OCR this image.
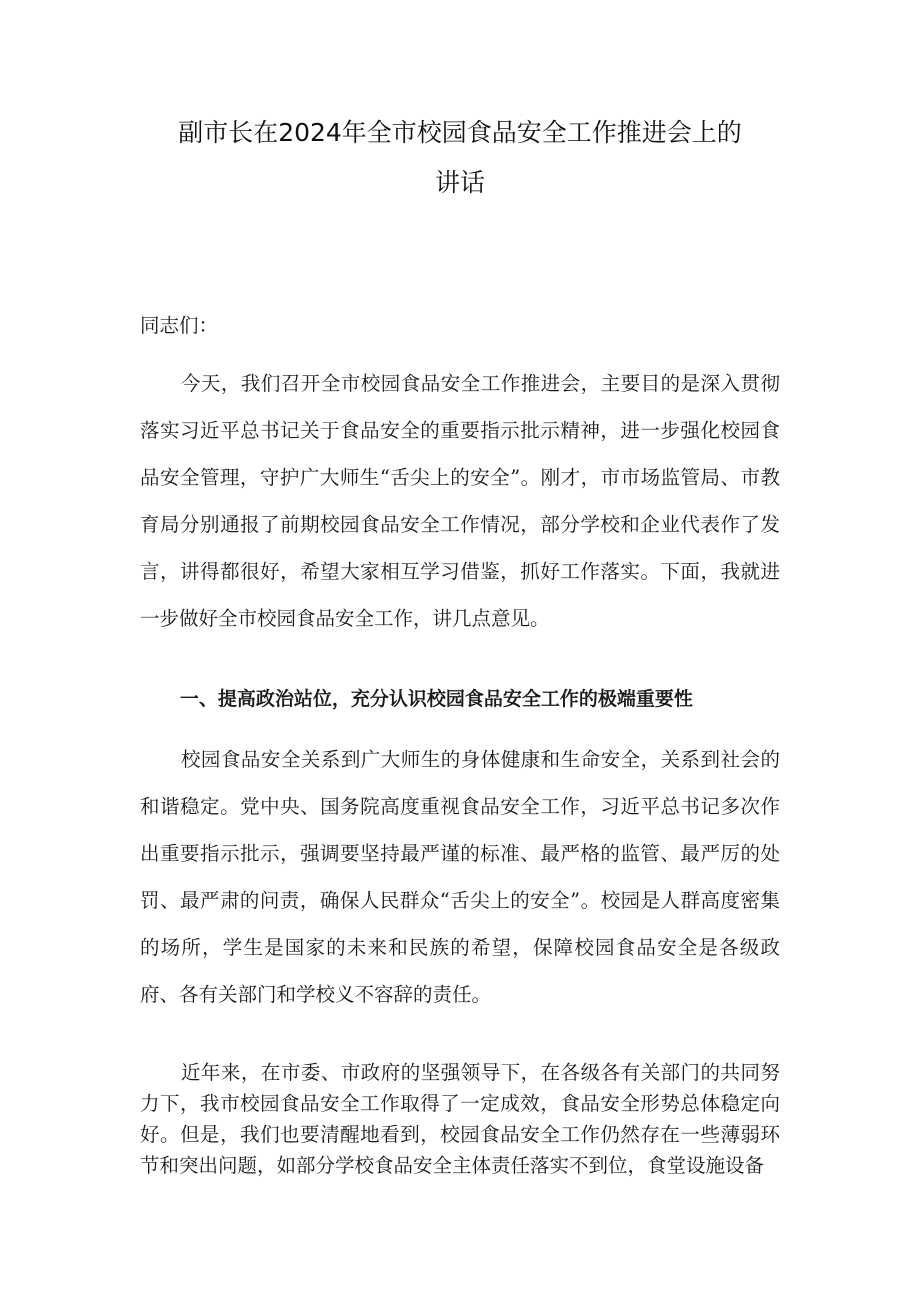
副市长在2024年全市校园食品安全工作推进会上的
讲话

同志们：

今天，我们召开全市校园食品安全工作推进会，主要目的是深入贯彻落实习近平总书记关于食品安全的重要指示批示精神，进一步强化校园食品安全管理，守护广大师生“舌尖上的安全”。刚才，市市场监管局、市教育局分别通报了前期校园食品安全工作情况，部分学校和企业代表作了发言，讲得都很好，希望大家相互学习借鉴，抓好工作落实。下面，我就进一步做好全市校园食品安全工作，讲几点意见。

一、提高政治站位，充分认识校园食品安全工作的极端重要性

校园食品安全关系到广大师生的身体健康和生命安全，关系到社会的和谐稳定。党中央、国务院高度重视食品安全工作，习近平总书记多次作出重要指示批示，强调要坚持最严谨的标准、最严格的监管、最严厉的处罚、最严肃的问责，确保人民群众“舌尖上的安全”。校园是人群高度密集的场所，学生是国家的未来和民族的希望，保障校园食品安全是各级政府、各有关部门和学校义不容辞的责任。

近年来，在市委、市政府的坚强领导下，在各级各有关部门的共同努力下，我市校园食品安全工作取得了一定成效，食品安全形势总体稳定向好。但是，我们也要清醒地看到，校园食品安全工作仍然存在一些薄弱环节和突出问题，如部分学校食品安全主体责任落实不到位，食堂设施设备
